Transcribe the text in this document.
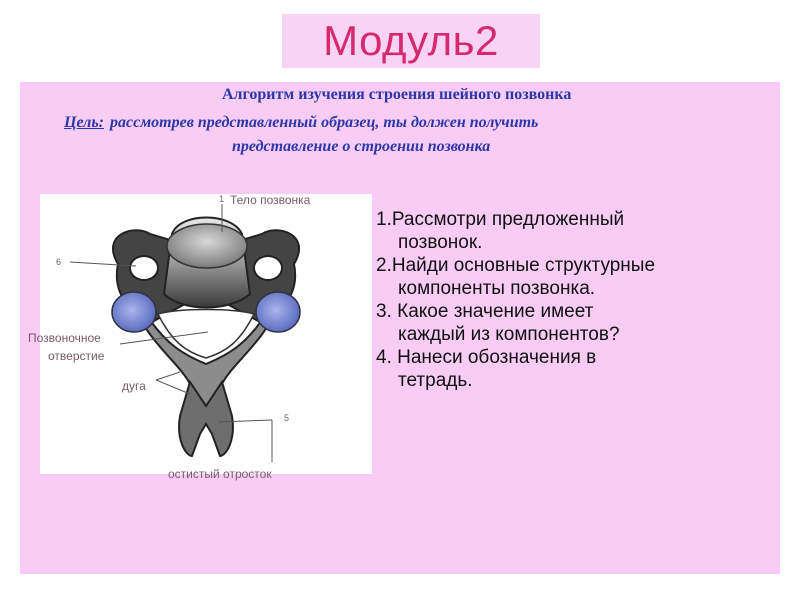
Модуль2
Алгоритм изучения строения шейного позвонка
Цель: рассмотрев представленный образец, ты должен получить
представление о строении позвонка
1 Тело позвонка
6
Позвоночное
отверстие
дуга
5
остистый отросток
1.Рассмотри предложенный
позвонок.
2.Найди основные структурные
компоненты позвонка.
3. Какое значение имеет
каждый из компонентов?
4. Нанеси обозначения в
тетрадь.
